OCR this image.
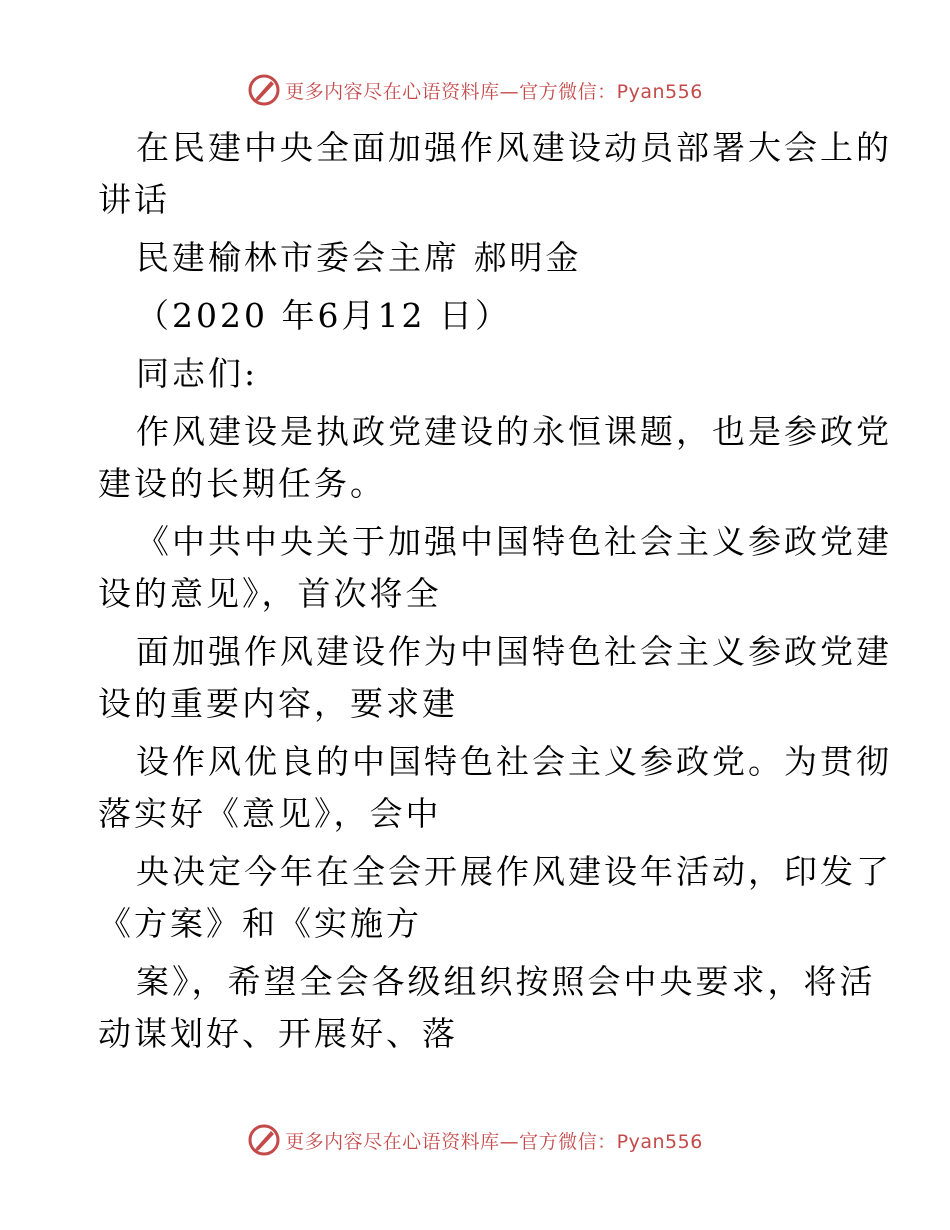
更多内容尽在心语资料库—官方微信：Pyan556
在民建中央全面加强作风建设动员部署大会上的
讲话
民建榆林市委会主席 郝明金
（2020 年6月12 日）
同志们:
作风建设是执政党建设的永恒课题，也是参政党
建设的长期任务。
《中共中央关于加强中国特色社会主义参政党建
设的意见》，首次将全
面加强作风建设作为中国特色社会主义参政党建
设的重要内容，要求建
设作风优良的中国特色社会主义参政党。为贯彻
落实好《意见》，会中
央决定今年在全会开展作风建设年活动，印发了
《方案》和《实施方
案》，希望全会各级组织按照会中央要求，将活
动谋划好、开展好、落
更多内容尽在心语资料库—官方微信：Pyan556
